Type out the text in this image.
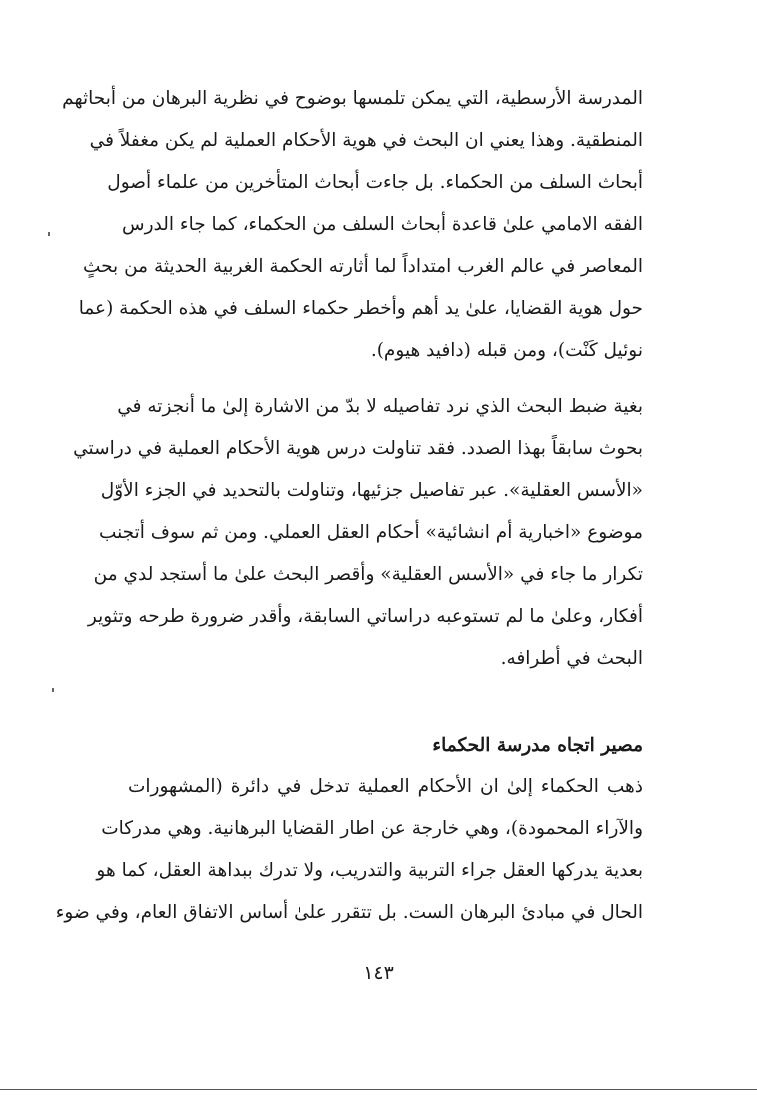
المدرسة الأرسطية، التي يمكن تلمسها بوضوح في نظرية البرهان من أبحاثهم
المنطقية. وهذا يعني ان البحث في هوية الأحكام العملية لم يكن مغفلاً في
أبحاث السلف من الحكماء. بل جاءت أبحاث المتأخرين من علماء أصول
الفقه الامامي علىٰ قاعدة أبحاث السلف من الحكماء، كما جاء الدرس
المعاصر في عالم الغرب امتداداً لما أثارته الحكمة الغربية الحديثة من بحثٍ
حول هوية القضايا، علىٰ يد أهم وأخطر حكماء السلف في هذه الحكمة (عما
نوئيل كَنْت)، ومن قبله (دافيد هيوم).
بغية ضبط البحث الذي نرد تفاصيله لا بدّ من الاشارة إلىٰ ما أنجزته في
بحوث سابقاً بهذا الصدد. فقد تناولت درس هوية الأحكام العملية في دراستي
«الأسس العقلية». عبر تفاصيل جزئيها، وتناولت بالتحديد في الجزء الأوّل
موضوع «اخبارية أم انشائية» أحكام العقل العملي. ومن ثم سوف أتجنب
تكرار ما جاء في «الأسس العقلية» وأقصر البحث علىٰ ما أستجد لدي من
أفكار، وعلىٰ ما لم تستوعبه دراساتي السابقة، وأقدر ضرورة طرحه وتثوير
البحث في أطرافه.
مصير اتجاه مدرسة الحكماء
ذهب الحكماء إلىٰ ان الأحكام العملية تدخل في دائرة (المشهورات
والآراء المحمودة)، وهي خارجة عن اطار القضايا البرهانية. وهي مدركات
بعدية يدركها العقل جراء التربية والتدريب، ولا تدرك ببداهة العقل، كما هو
الحال في مبادئ البرهان الست. بل تتقرر علىٰ أساس الاتفاق العام، وفي ضوء
١٤٣
